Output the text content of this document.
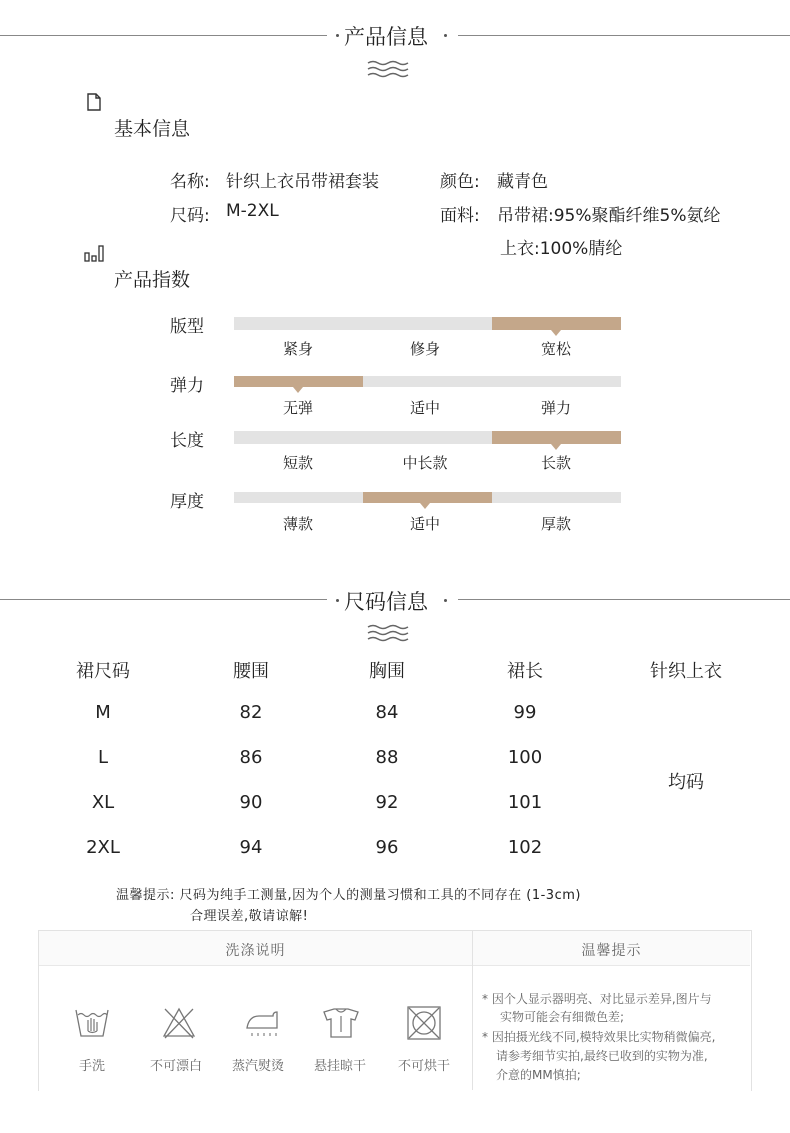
产品信息
基本信息
名称: 针织上衣吊带裙套装
尺码: M-2XL
颜色: 藏青色
面料: 吊带裙:95%聚酯纤维5%氨纶
上衣:100%腈纶
产品指数
版型
紧身	修身	宽松
弹力
无弹	适中	弹力
长度
短款	中长款	长款
厚度
薄款	适中	厚款
尺码信息
裙尺码	腰围	胸围	裙长	针织上衣
M	82	84	99
L	86	88	100
XL	90	92	101
2XL	94	96	102
均码
温馨提示: 尺码为纯手工测量,因为个人的测量习惯和工具的不同存在 (1-3cm)
合理误差,敬请谅解!
洗涤说明	温馨提示
手洗	不可漂白	蒸汽熨烫	悬挂晾干	不可烘干
* 因个人显示器明亮、对比显示差异,图片与
实物可能会有细微色差;
* 因拍摄光线不同,模特效果比实物稍微偏亮,
请参考细节实拍,最终已收到的实物为准,
介意的MM慎拍;
